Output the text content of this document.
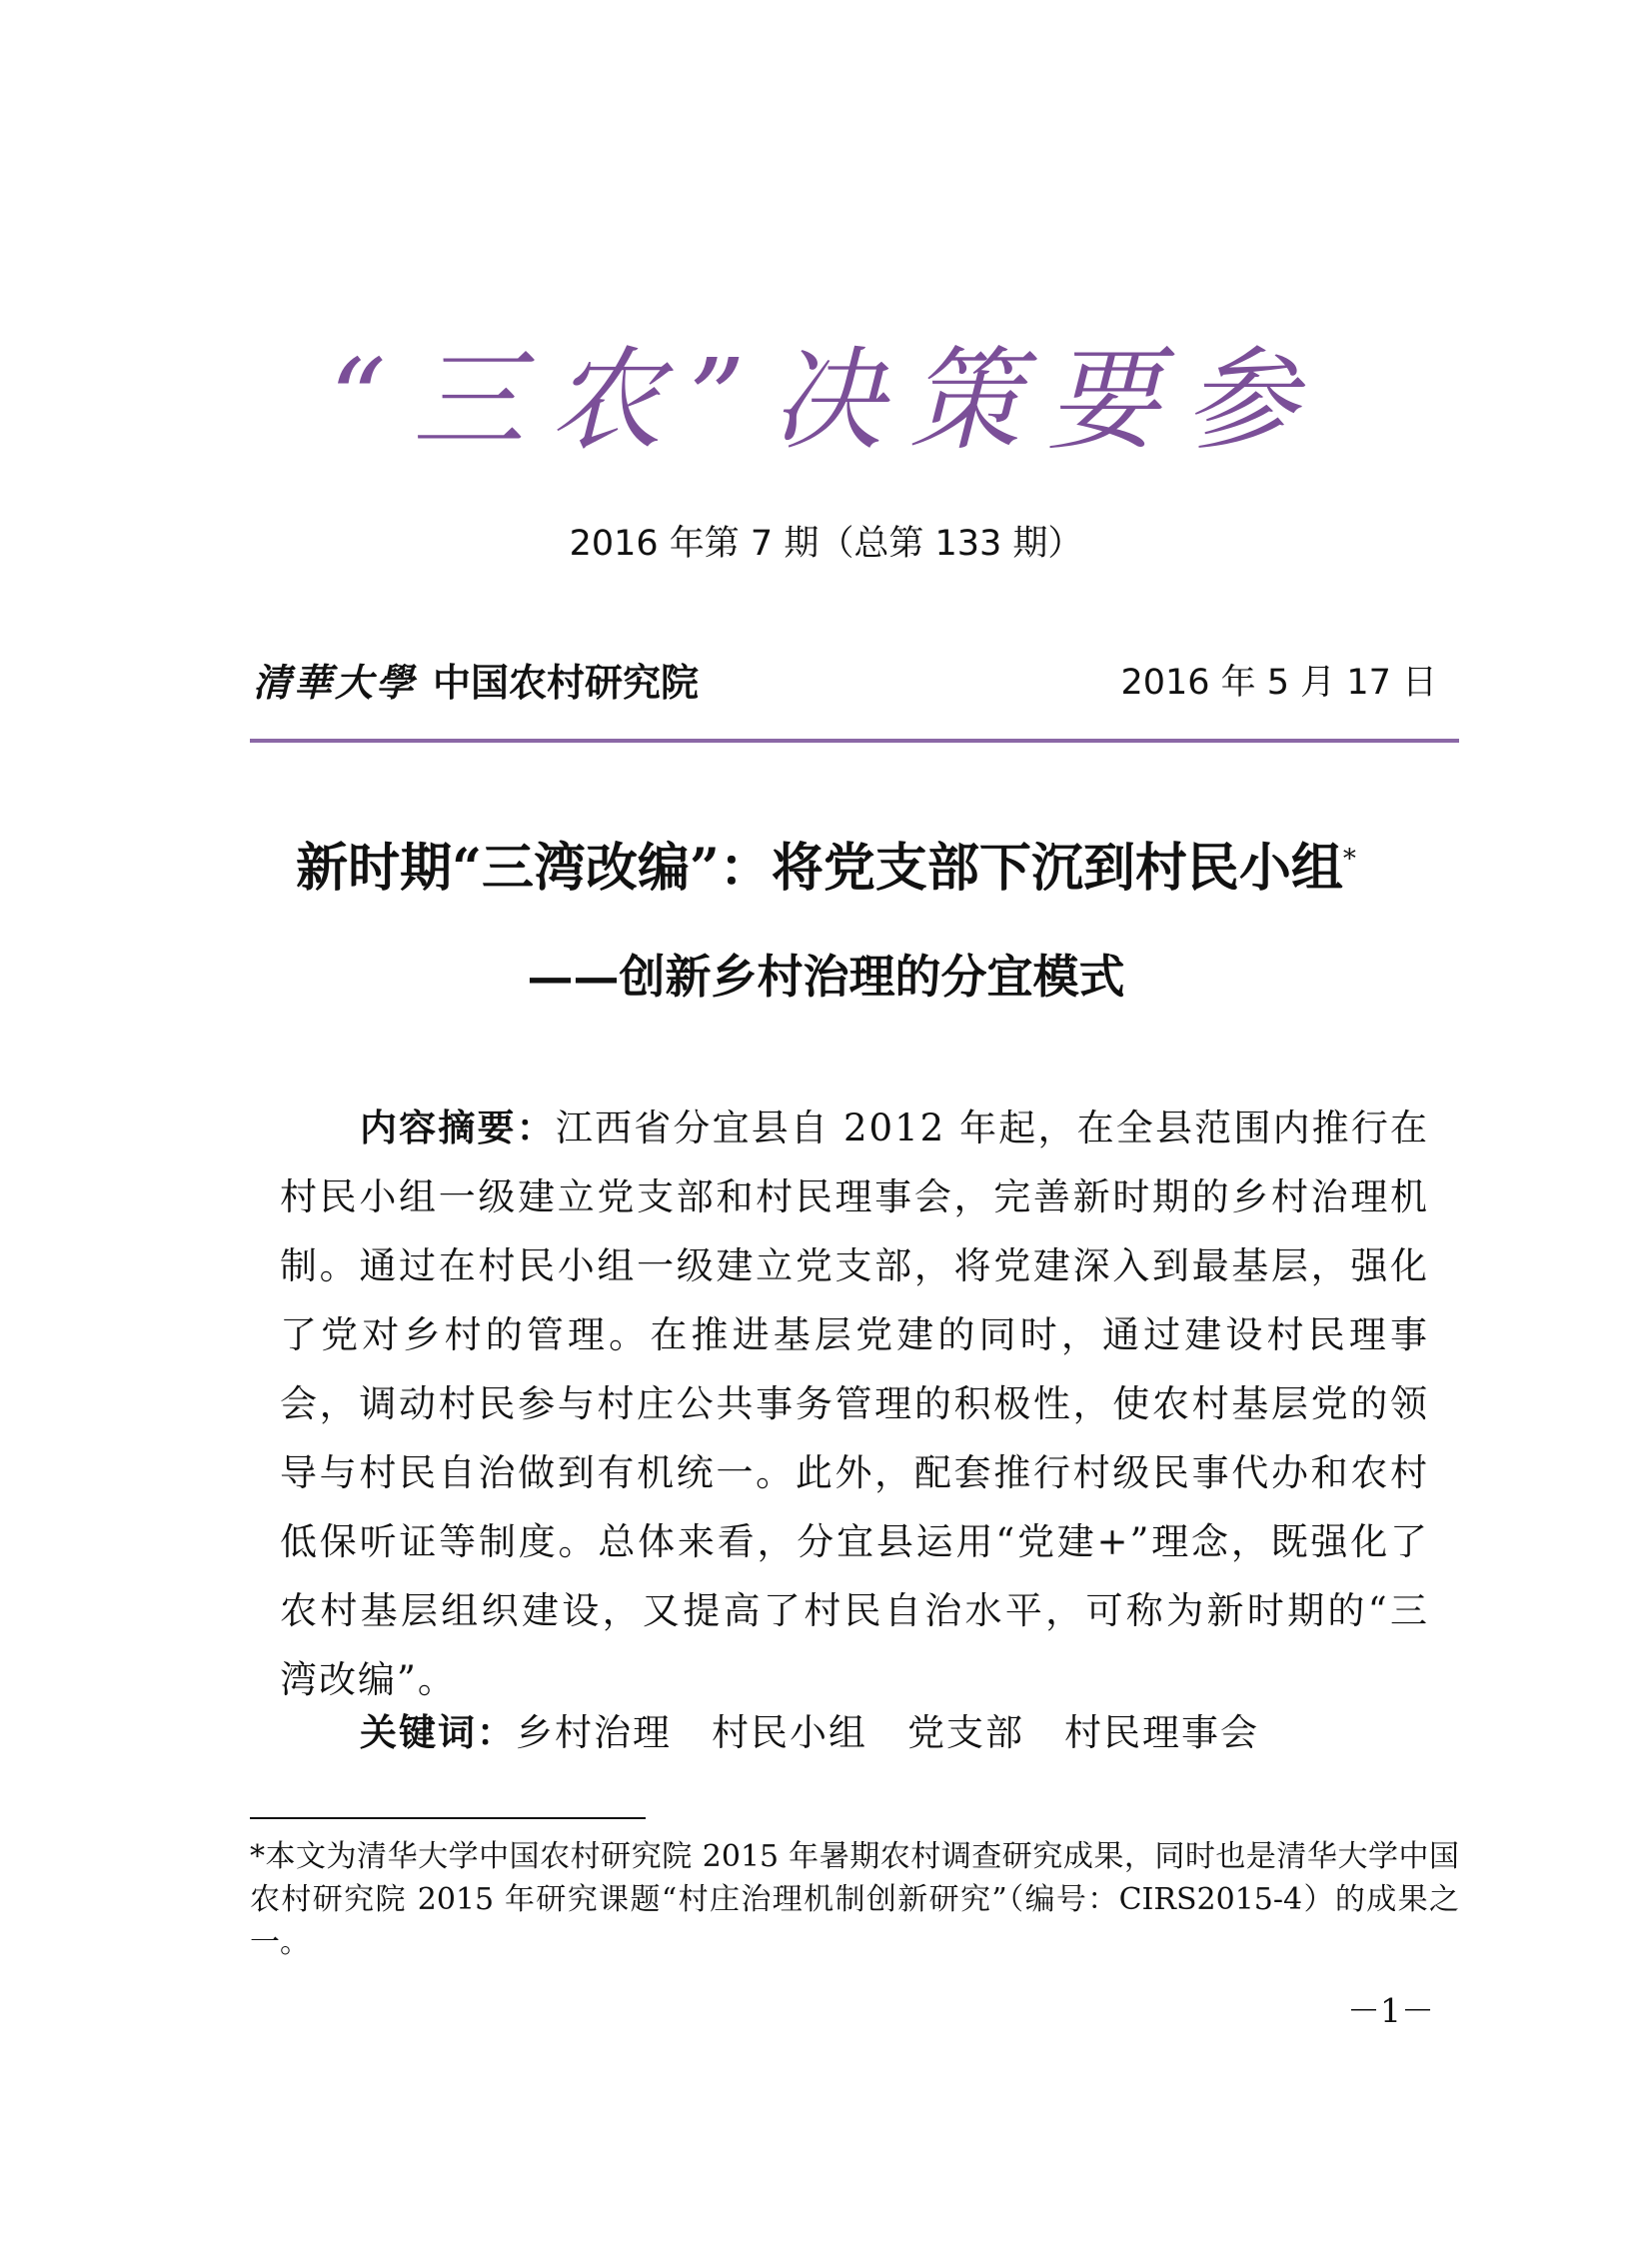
“三农”决策要参
2016 年第 7 期（总第 133 期）
清華大學 中国农村研究院	2016 年 5 月 17 日
新时期“三湾改编”：将党支部下沉到村民小组*
——创新乡村治理的分宜模式

内容摘要：江西省分宜县自 2012 年起，在全县范围内推行在村民小组一级建立党支部和村民理事会，完善新时期的乡村治理机制。通过在村民小组一级建立党支部，将党建深入到最基层，强化了党对乡村的管理。在推进基层党建的同时，通过建设村民理事会，调动村民参与村庄公共事务管理的积极性，使农村基层党的领导与村民自治做到有机统一。此外，配套推行村级民事代办和农村低保听证等制度。总体来看，分宜县运用“党建+”理念，既强化了农村基层组织建设，又提高了村民自治水平，可称为新时期的“三湾改编”。

关键词：乡村治理 村民小组 党支部 村民理事会

*本文为清华大学中国农村研究院 2015 年暑期农村调查研究成果，同时也是清华大学中国农村研究院 2015 年研究课题“村庄治理机制创新研究”（编号：CIRS2015-4）的成果之一。

－1－
